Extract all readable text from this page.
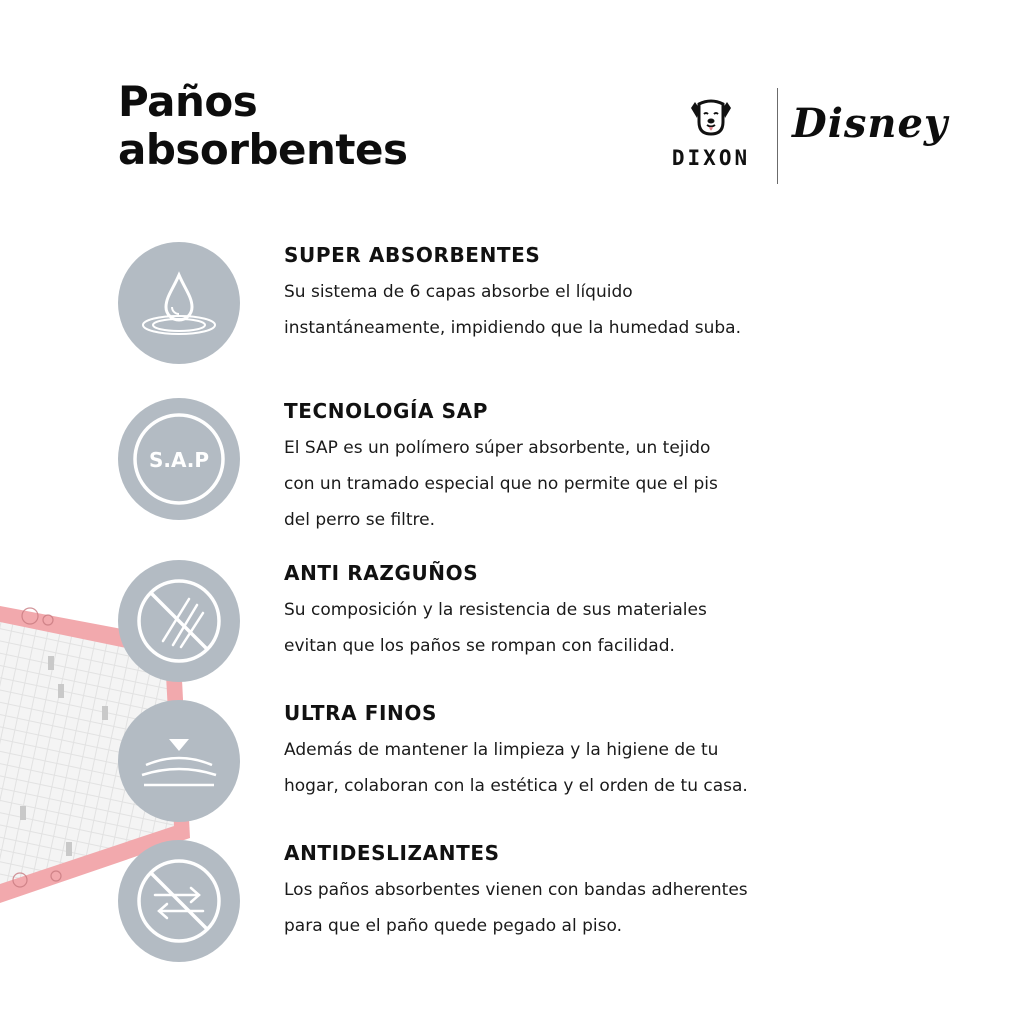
Paños
absorbentes	DIXON
Disney

SUPER ABSORBENTES

Su sistema de 6 capas absorbe el líquido
instantáneamente, impidiendo que la humedad suba.

S.A.P

TECNOLOGÍA SAP

El SAP es un polímero súper absorbente, un tejido
con un tramado especial que no permite que el pis
del perro se filtre.

ANTI RAZGUÑOS

Su composición y la resistencia de sus materiales
evitan que los paños se rompan con facilidad.

ULTRA FINOS

Además de mantener la limpieza y la higiene de tu
hogar, colaboran con la estética y el orden de tu casa.

ANTIDESLIZANTES

Los paños absorbentes vienen con bandas adherentes
para que el paño quede pegado al piso.
